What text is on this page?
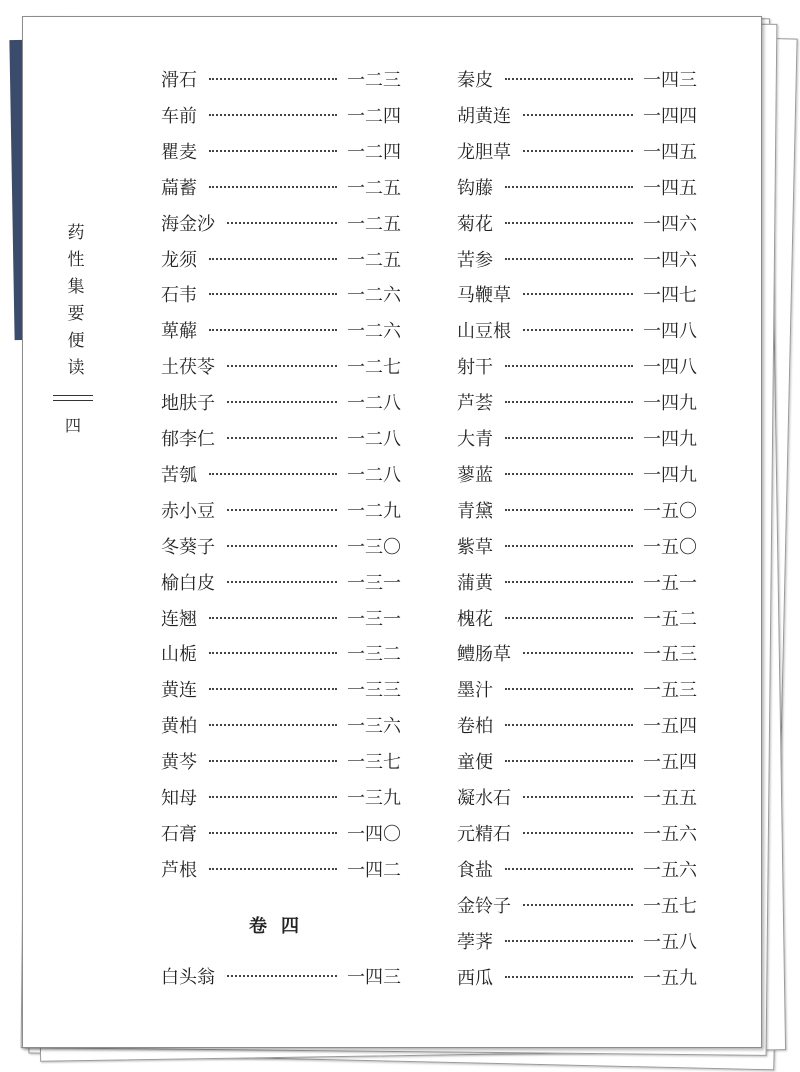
药性集要便读
四
卷四
滑石	一二三
车前	一二四
瞿麦	一二四
萹蓄	一二五
海金沙	一二五
龙须	一二五
石韦	一二六
萆薢	一二六
土茯苓	一二七
地肤子	一二八
郁李仁	一二八
苦瓠	一二八
赤小豆	一二九
冬葵子	一三〇
榆白皮	一三一
连翘	一三一
山栀	一三二
黄连	一三三
黄柏	一三六
黄芩	一三七
知母	一三九
石膏	一四〇
芦根	一四二
白头翁	一四三
秦皮	一四三
胡黄连	一四四
龙胆草	一四五
钩藤	一四五
菊花	一四六
苦参	一四六
马鞭草	一四七
山豆根	一四八
射干	一四八
芦荟	一四九
大青	一四九
蓼蓝	一四九
青黛	一五〇
紫草	一五〇
蒲黄	一五一
槐花	一五二
鳢肠草	一五三
墨汁	一五三
卷柏	一五四
童便	一五四
凝水石	一五五
元精石	一五六
食盐	一五六
金铃子	一五七
荸荠	一五八
西瓜	一五九
